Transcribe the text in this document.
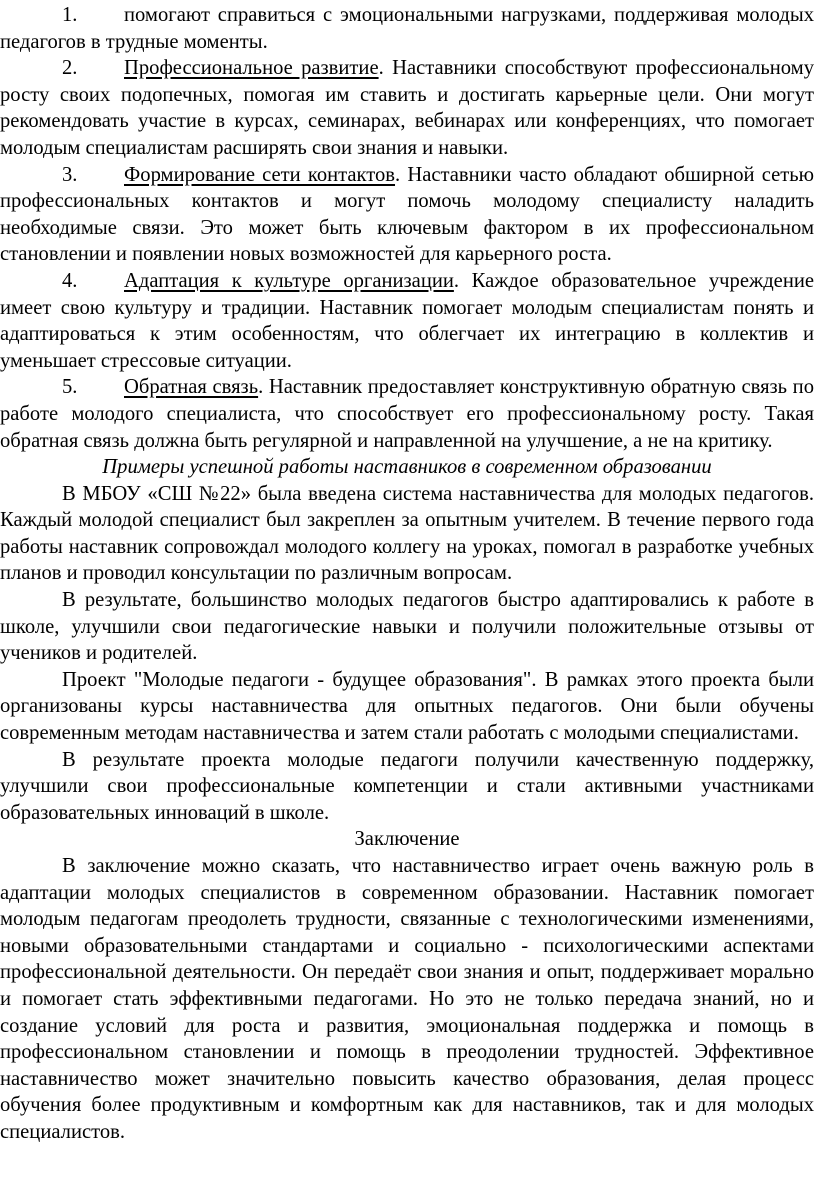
1. помогают справиться с эмоциональными нагрузками, поддерживая молодых педагогов в трудные моменты.

2. Профессиональное развитие. Наставники способствуют профессиональному росту своих подопечных, помогая им ставить и достигать карьерные цели. Они могут рекомендовать участие в курсах, семинарах, вебинарах или конференциях, что помогает молодым специалистам расширять свои знания и навыки.

3. Формирование сети контактов. Наставники часто обладают обширной сетью профессиональных контактов и могут помочь молодому специалисту наладить необходимые связи. Это может быть ключевым фактором в их профессиональном становлении и появлении новых возможностей для карьерного роста.

4. Адаптация к культуре организации. Каждое образовательное учреждение имеет свою культуру и традиции. Наставник помогает молодым специалистам понять и адаптироваться к этим особенностям, что облегчает их интеграцию в коллектив и уменьшает стрессовые ситуации.

5. Обратная связь. Наставник предоставляет конструктивную обратную связь по работе молодого специалиста, что способствует его профессиональному росту. Такая обратная связь должна быть регулярной и направленной на улучшение, а не на критику.

Примеры успешной работы наставников в современном образовании

В МБОУ «СШ №22» была введена система наставничества для молодых педагогов. Каждый молодой специалист был закреплен за опытным учителем. В течение первого года работы наставник сопровождал молодого коллегу на уроках, помогал в разработке учебных планов и проводил консультации по различным вопросам.

В результате, большинство молодых педагогов быстро адаптировались к работе в школе, улучшили свои педагогические навыки и получили положительные отзывы от учеников и родителей.

Проект "Молодые педагоги - будущее образования". В рамках этого проекта были организованы курсы наставничества для опытных педагогов. Они были обучены современным методам наставничества и затем стали работать с молодыми специалистами.

В результате проекта молодые педагоги получили качественную поддержку, улучшили свои профессиональные компетенции и стали активными участниками образовательных инноваций в школе.

Заключение

В заключение можно сказать, что наставничество играет очень важную роль в адаптации молодых специалистов в современном образовании. Наставник помогает молодым педагогам преодолеть трудности, связанные с технологическими изменениями, новыми образовательными стандартами и социально - психологическими аспектами профессиональной деятельности. Он передаёт свои знания и опыт, поддерживает морально и помогает стать эффективными педагогами. Но это не только передача знаний, но и создание условий для роста и развития, эмоциональная поддержка и помощь в профессиональном становлении и помощь в преодолении трудностей. Эффективное наставничество может значительно повысить качество образования, делая процесс обучения более продуктивным и комфортным как для наставников, так и для молодых специалистов.
